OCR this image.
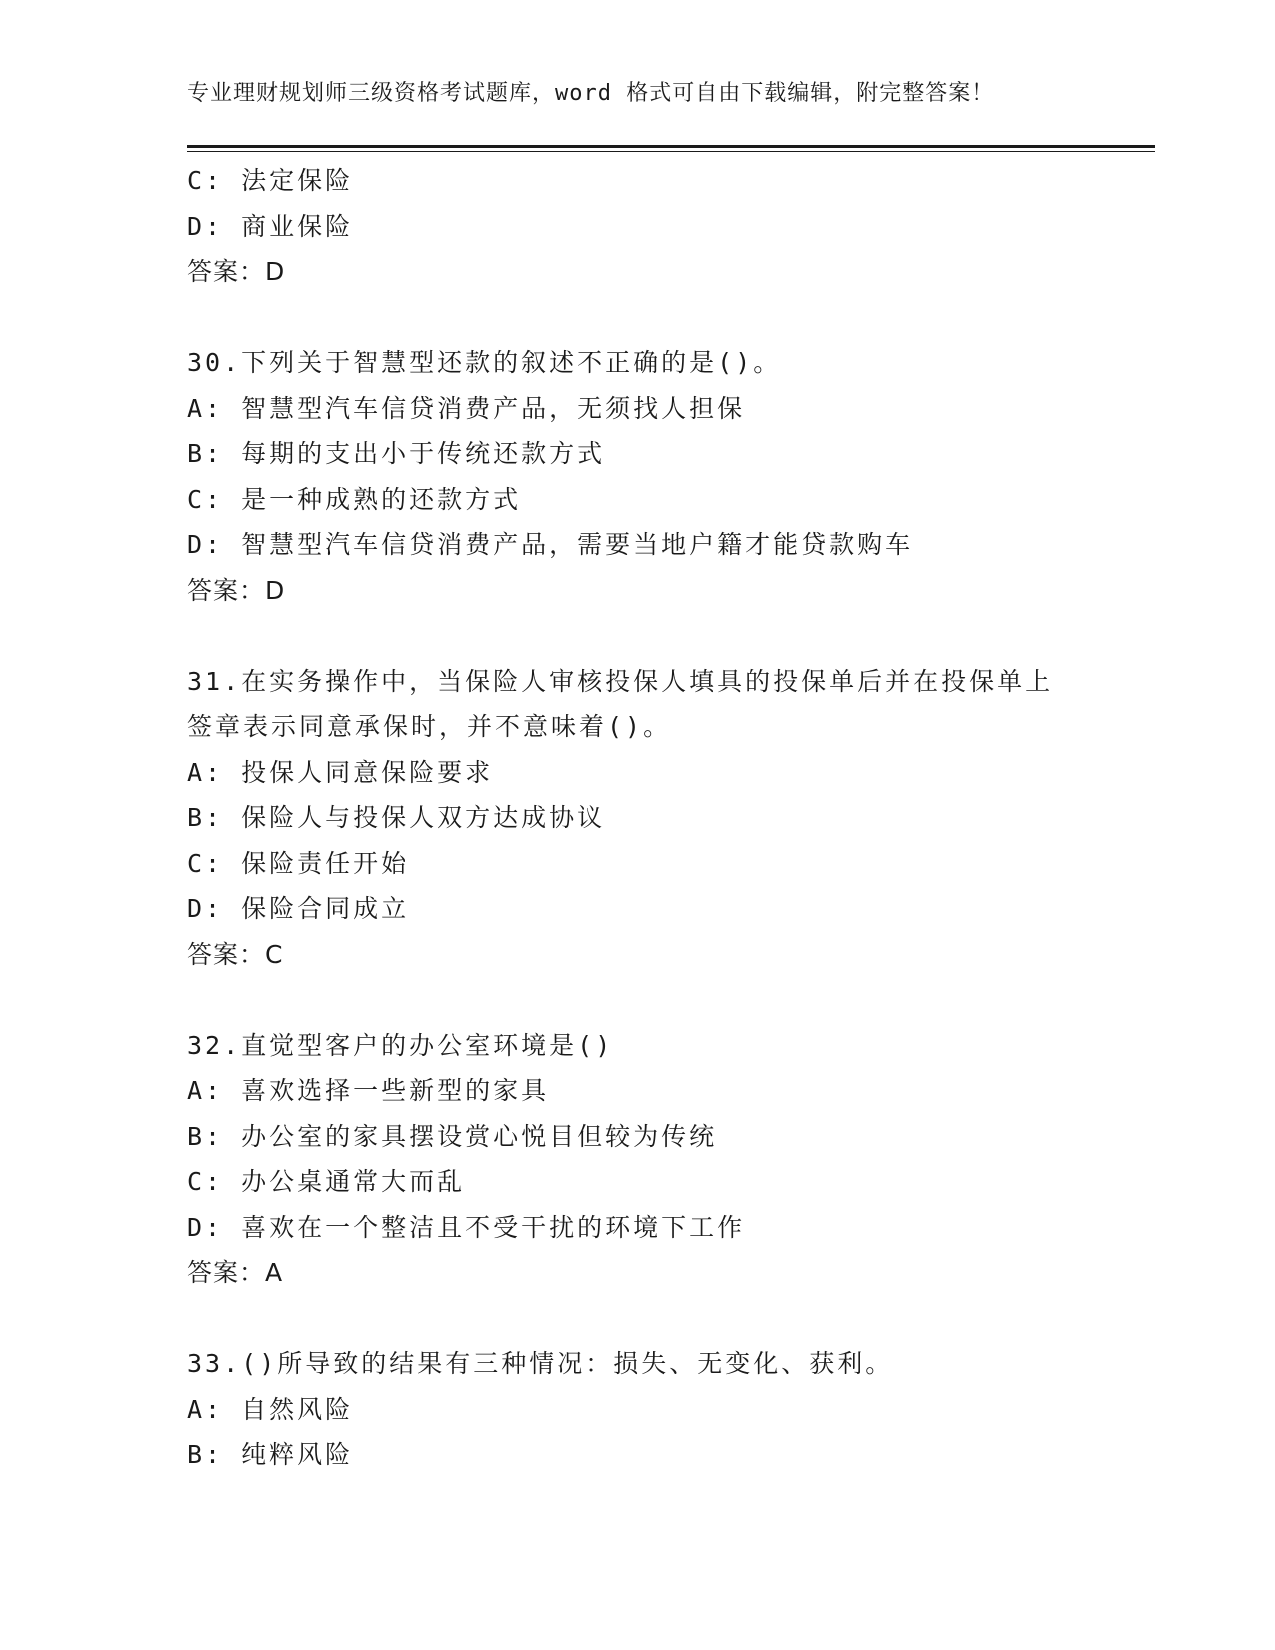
专业理财规划师三级资格考试题库，word 格式可自由下载编辑，附完整答案！
C: 法定保险
D: 商业保险
答案：D
30.下列关于智慧型还款的叙述不正确的是()。
A: 智慧型汽车信贷消费产品，无须找人担保
B: 每期的支出小于传统还款方式
C: 是一种成熟的还款方式
D: 智慧型汽车信贷消费产品，需要当地户籍才能贷款购车
答案：D
31.在实务操作中，当保险人审核投保人填具的投保单后并在投保单上
签章表示同意承保时，并不意味着()。
A: 投保人同意保险要求
B: 保险人与投保人双方达成协议
C: 保险责任开始
D: 保险合同成立
答案：C
32.直觉型客户的办公室环境是()
A: 喜欢选择一些新型的家具
B: 办公室的家具摆设赏心悦目但较为传统
C: 办公桌通常大而乱
D: 喜欢在一个整洁且不受干扰的环境下工作
答案：A
33.()所导致的结果有三种情况：损失、无变化、获利。
A: 自然风险
B: 纯粹风险
